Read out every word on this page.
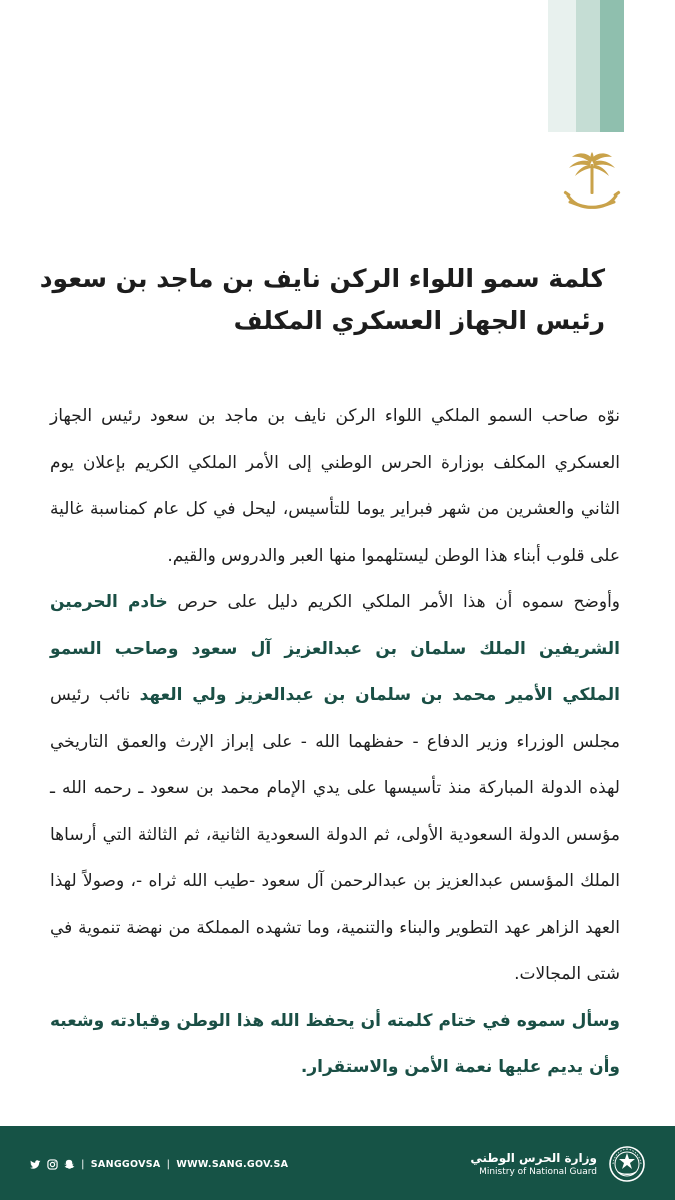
كلمة سمو اللواء الركن نايف بن ماجد بن سعود
رئيس الجهاز العسكري المكلف

نوّه صاحب السمو الملكي اللواء الركن نايف بن ماجد بن سعود رئيس الجهاز العسكري المكلف بوزارة الحرس الوطني إلى الأمر الملكي الكريم بإعلان يوم الثاني والعشرين من شهر فبراير يوما للتأسيس، ليحل في كل عام كمناسبة غالية على قلوب أبناء هذا الوطن ليستلهموا منها العبر والدروس والقيم.

وأوضح سموه أن هذا الأمر الملكي الكريم دليل على حرص خادم الحرمين الشريفين الملك سلمان بن عبدالعزيز آل سعود وصاحب السمو الملكي الأمير محمد بن سلمان بن عبدالعزيز ولي العهد نائب رئيس مجلس الوزراء وزير الدفاع - حفظهما الله - على إبراز الإرث والعمق التاريخي لهذه الدولة المباركة منذ تأسيسها على يدي الإمام محمد بن سعود ـ رحمه الله ـ مؤسس الدولة السعودية الأولى، ثم الدولة السعودية الثانية، ثم الثالثة التي أرساها الملك المؤسس عبدالعزيز بن عبدالرحمن آل سعود -طيب الله ثراه -، وصولاً لهذا العهد الزاهر عهد التطوير والبناء والتنمية، وما تشهده المملكة من نهضة تنموية في شتى المجالات.

وسأل سموه في ختام كلمته أن يحفظ الله هذا الوطن وقيادته وشعبه وأن يديم عليها نعمة الأمن والاستقرار.

| SANGGOVSA | WWW.SANG.GOV.SA	وزارة الحرس الوطني
Ministry of National Guard
